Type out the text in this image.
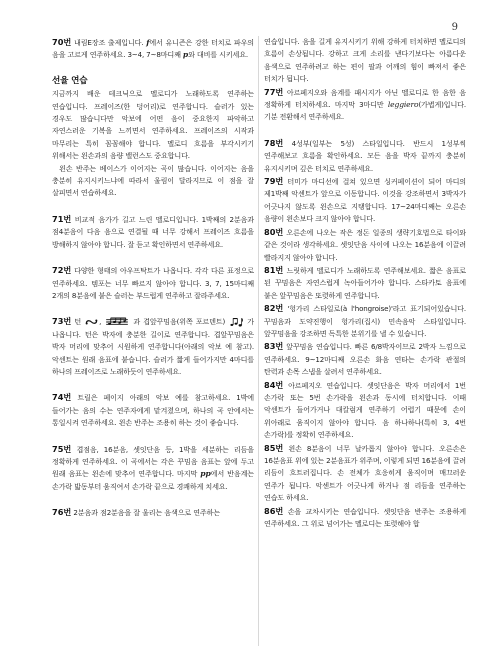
9

70번 내림E장조 출제입니다. f에서 유니즌은 강한 터치로 파우의 음을 고르게 연주하세요. 3~4, 7~8마디째 p와 대비를 시키세요.

선율 연습

지금까지 배운 테크닉으로 멜로디가 노래하도록 연주하는 연습입니다. 프레이즈(한 덩어리)로 연주합니다. 슬러가 있는 경우도 많습니다만 악보에 어떤 음이 중요한지 파악하고 자연스러운 기복을 느끼면서 연주하세요. 프레이즈의 시작과 마무리는 특히 꼼꼼해야 합니다. 멜로디 흐름을 부각시키기 위해서는 왼손과의 음량 밸런스도 중요합니다.

왼손 반주는 베이스가 이어지는 곡이 많습니다. 이어지는 음을 충분히 유지시키느냐에 따라서 울림이 달라지므로 이 점을 잘 살피면서 연습하세요.

71번 비교적 음가가 길고 느린 멜로디입니다. 1박째의 2분음과 점4분음이 다음 음으로 연결될 때 너무 강해서 프레이즈 흐름을 방해하지 않아야 합니다. 잘 듣고 확인하면서 연주하세요.

72번 다양한 형태의 아우프탁트가 나옵니다. 각각 다른 표정으로 연주하세요. 템포는 너무 빠르지 않아야 합니다. 3, 7, 15마디째 2개의 8분음에 붙은 슬러는 부드럽게 연주하고 잘라주세요.

73번 턴
,	과 겹앞꾸밈음(위쪽 포르덴트)
가 나옵니다. 턴은 박자에 충분한 길이로 연주합니다. 겹앞꾸밈음은 박자 머리에 맞추어 시원하게 연주합니다(아래의 악보 예 참고). 악센트는 원래 음표에 붙습니다. 슬러가 짧게 들어가지만 4마디를 하나의 프레이즈로 노래하듯이 연주하세요.

74번 트릴은 페이지 아래의 악보 예를 참고하세요. 1박에 들어가는 음의 수는 연주자에게 맡겨졌으며, 하나의 곡 안에서는 통일시켜 연주하세요. 왼손 반주는 조용히 하는 것이 좋습니다.

75번 겹점음, 16분음, 셋잇단음 등, 1박을 세분하는 리듬을 정확하게 연주하세요. 이 곡에서는 각은 꾸밈음 음표는 앞에 두고 원래 음표는 왼손에 맞추어 연주합니다. 마지막 pp에서 반음계는 손가락 밟동부터 움직여서 손가락 끝으로 경쾌하게 치세요.

76번 2분음과 점2분음을 잘 울리는 음색으로 연주하는

연습입니다. 음을 길게 유지시키기 위해 강하게 터치하면 멜로디의 흐름이 손상됩니다. 강하고 크게 소리를 낸다기보다는 아름다운 음색으로 연주하려고 하는 편이 팔과 어깨의 힘이 빠져서 좋은 터치가 됩니다.

77번 아르페지오와 음계를 패시지가 아닌 멜로디로 한 음한 음 정확하게 터치하세요. 마지막 3마디만 leggiero(가볍게)입니다. 기분 전환해서 연주하세요.

78번 4성부(일부는 5성) 스타일입니다. 반드시 1성부씩 연주해보고 흐름을 확인하세요. 모든 음을 박자 끝까지 충분히 유지시키며 깊은 터치로 연주하세요.

79번 터미가 마디선에 걸쳐 있으면 싱커페이션이 되어 마디의 제1박째 악센트가 앞으로 이동합니다. 이것을 강조하면서 3박자가 어긋나지 않도록 왼손으로 지탱합니다. 17~24마디째는 오른손 음량이 왼손보다 크지 않아야 합니다.

80번 오른손에 나오는 작은 정돈 일종의 생략기호법으로 타이와 같은 것이라 생각하세요. 셋잇단음 사이에 나오는 16분음에 이끌려 빨라지지 않아야 합니다.

81번 느릿하게 멜로디가 노래하도록 연주해보세요. 짧은 음표로 된 꾸밈음은 자연스럽게 녹아들어가야 합니다. 스타카토 음표에 붙은 앞꾸밈음은 또렷하게 연주합니다.

82번 '헝가리 스타일로(à l'hongroise)'라고 표기되어있습니다. 꾸밈음과 도약진행이 헝가리(집시) 민속음악 스타일입니다. 앞꾸밈음을 강조하면 독특한 분위기를 낼 수 있습니다.

83번 앞꾸밈음 연습입니다. 빠른 6/8박자이므로 2박자 느낌으로 연주하세요. 9~12마디째 오른손 화음 연타는 손가락 관절의 탄력과 손목 스냅을 살려서 연주하세요.

84번 아르페지오 연습입니다. 셋잇단음은 박자 머리에서 1번 손가락 또는 5번 손가락을 왼손과 동시에 터치합니다. 이때 악센트가 들어가거나 대칼럼게 연주하기 어렵기 때문에 손이 위아래로 움직이지 않아야 합니다. 음 하나하나(특히 3, 4번 손가락)를 정확히 연주하세요.

85번 왼손 8분음이 너무 날카롭지 않아야 합니다. 오른손은 16분음표 위에 있는 2분음표가 위주며, 이렇게 되면 16분음에 끌려 리듬이 흐트러집니다. 손 전체가 흐응히게 움직이며 매끄러운 연주가 됩니다. 악센트가 어긋나게 하거나 점 리듬을 연주하는 연습도 하세요.

86번 손을 교차시키는 연습입니다. 셋잇단음 반주는 조용하게 연주하세요. 그 위로 넘어가는 멜로디는 또렷해야 합
